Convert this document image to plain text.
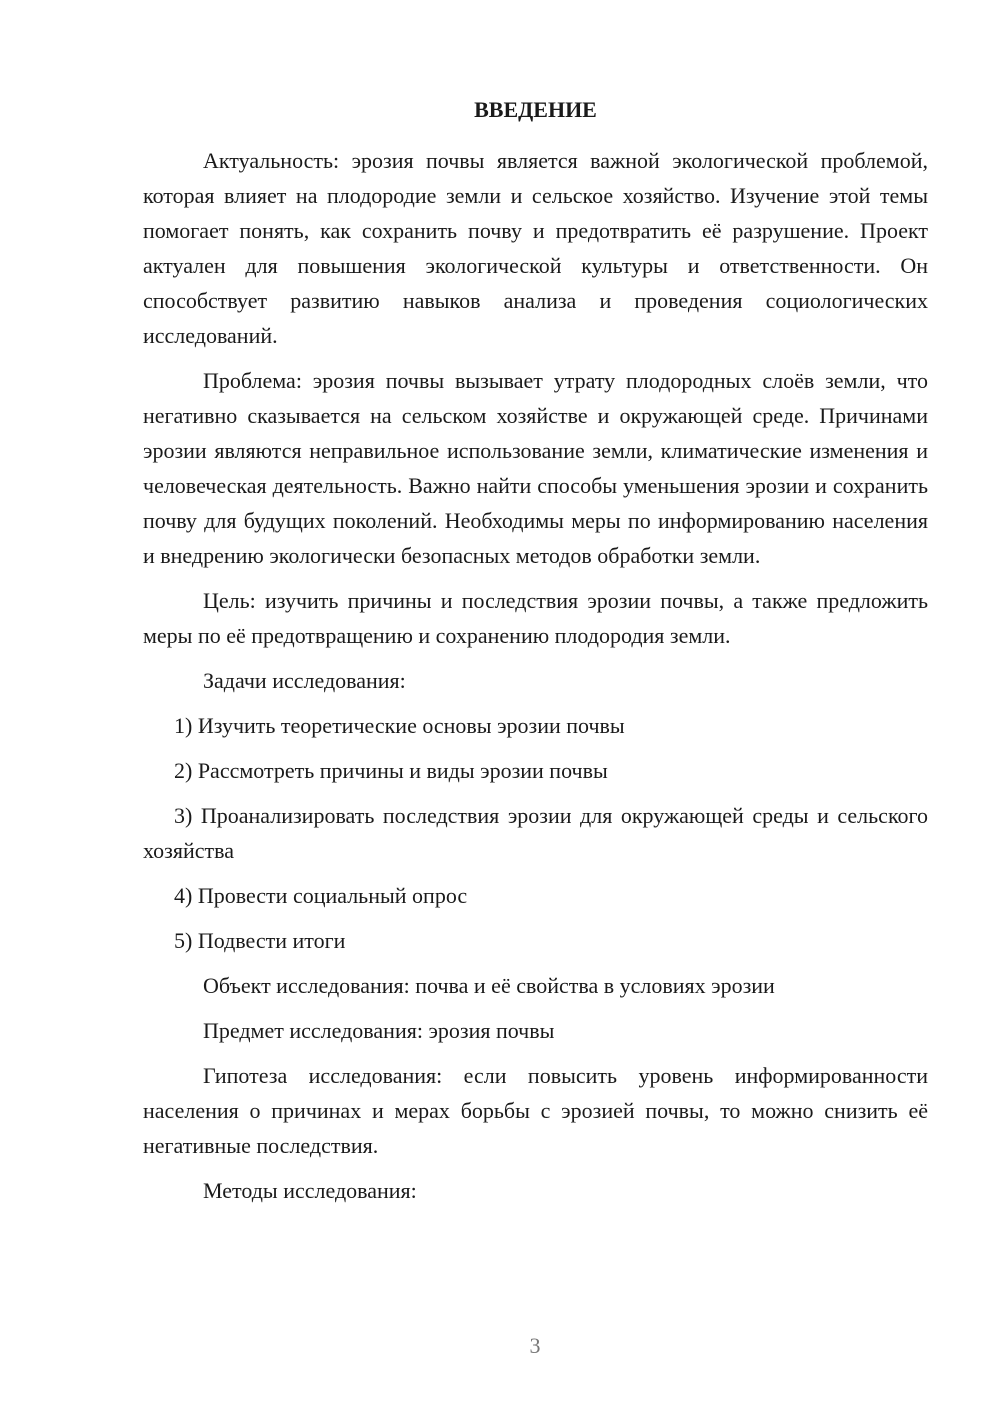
ВВЕДЕНИЕ

Актуальность: эрозия почвы является важной экологической проблемой, которая влияет на плодородие земли и сельское хозяйство. Изучение этой темы помогает понять, как сохранить почву и предотвратить её разрушение. Проект актуален для повышения экологической культуры и ответственности. Он способствует развитию навыков анализа и проведения социологических исследований.

Проблема: эрозия почвы вызывает утрату плодородных слоёв земли, что негативно сказывается на сельском хозяйстве и окружающей среде. Причинами эрозии являются неправильное использование земли, климатические изменения и человеческая деятельность. Важно найти способы уменьшения эрозии и сохранить почву для будущих поколений. Необходимы меры по информированию населения и внедрению экологически безопасных методов обработки земли.

Цель: изучить причины и последствия эрозии почвы, а также предложить меры по её предотвращению и сохранению плодородия земли.

Задачи исследования:

1) Изучить теоретические основы эрозии почвы

2) Рассмотреть причины и виды эрозии почвы

3) Проанализировать последствия эрозии для окружающей среды и сельского хозяйства

4) Провести социальный опрос

5) Подвести итоги

Объект исследования: почва и её свойства в условиях эрозии

Предмет исследования: эрозия почвы

Гипотеза исследования: если повысить уровень информированности населения о причинах и мерах борьбы с эрозией почвы, то можно снизить её негативные последствия.

Методы исследования:

3
